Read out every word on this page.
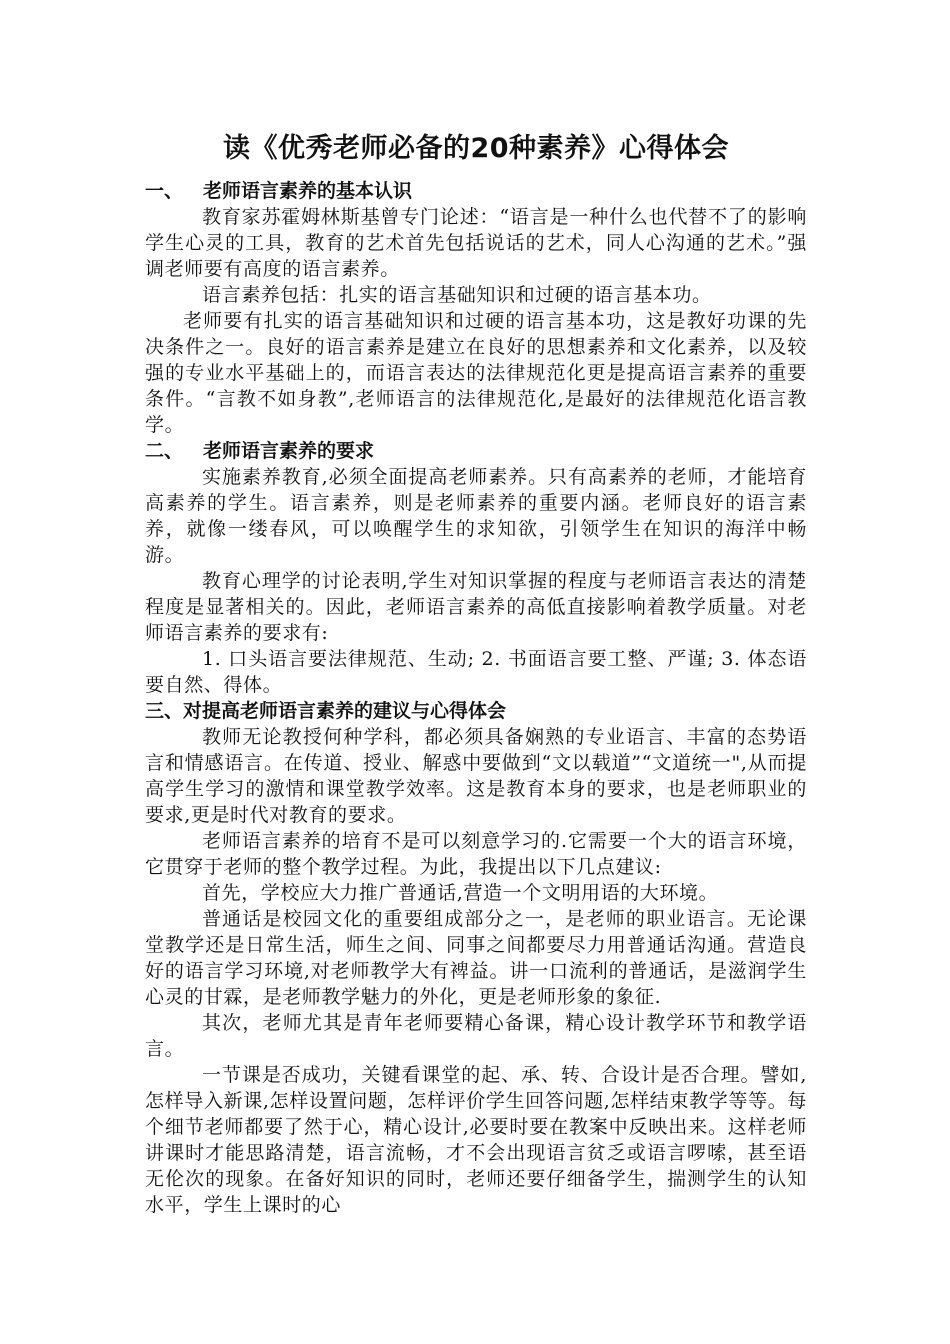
读《优秀老师必备的20种素养》心得体会

一、 老师语言素养的基本认识

教育家苏霍姆林斯基曾专门论述：“语言是一种什么也代替不了的影响学生心灵的工具，教育的艺术首先包括说话的艺术，同人心沟通的艺术。”强调老师要有高度的语言素养。

语言素养包括：扎实的语言基础知识和过硬的语言基本功。

老师要有扎实的语言基础知识和过硬的语言基本功，这是教好功课的先决条件之一。良好的语言素养是建立在良好的思想素养和文化素养，以及较强的专业水平基础上的，而语言表达的法律规范化更是提高语言素养的重要条件。“言教不如身教”,老师语言的法律规范化,是最好的法律规范化语言教学。

二、 老师语言素养的要求

实施素养教育,必须全面提高老师素养。只有高素养的老师，才能培育高素养的学生。语言素养，则是老师素养的重要内涵。老师良好的语言素养，就像一缕春风，可以唤醒学生的求知欲，引领学生在知识的海洋中畅游。

教育心理学的讨论表明,学生对知识掌握的程度与老师语言表达的清楚程度是显著相关的。因此，老师语言素养的高低直接影响着教学质量。对老师语言素养的要求有:

1. 口头语言要法律规范、生动; 2. 书面语言要工整、严谨; 3. 体态语要自然、得体。

三、对提高老师语言素养的建议与心得体会

教师无论教授何种学科，都必须具备娴熟的专业语言、丰富的态势语言和情感语言。在传道、授业、解惑中要做到“文以载道”“文道统一",从而提高学生学习的激情和课堂教学效率。这是教育本身的要求，也是老师职业的要求,更是时代对教育的要求。

老师语言素养的培育不是可以刻意学习的.它需要一个大的语言环境，它贯穿于老师的整个教学过程。为此，我提出以下几点建议:

首先，学校应大力推广普通话,营造一个文明用语的大环境。

普通话是校园文化的重要组成部分之一，是老师的职业语言。无论课堂教学还是日常生活，师生之间、同事之间都要尽力用普通话沟通。营造良好的语言学习环境,对老师教学大有裨益。讲一口流利的普通话，是滋润学生心灵的甘霖，是老师教学魅力的外化，更是老师形象的象征.

其次，老师尤其是青年老师要精心备课，精心设计教学环节和教学语言。

一节课是否成功，关键看课堂的起、承、转、合设计是否合理。譬如,怎样导入新课,怎样设置问题，怎样评价学生回答问题,怎样结束教学等等。每个细节老师都要了然于心，精心设计,必要时要在教案中反映出来。这样老师讲课时才能思路清楚，语言流畅，才不会出现语言贫乏或语言啰嗦，甚至语无伦次的现象。在备好知识的同时，老师还要仔细备学生，揣测学生的认知水平，学生上课时的心
